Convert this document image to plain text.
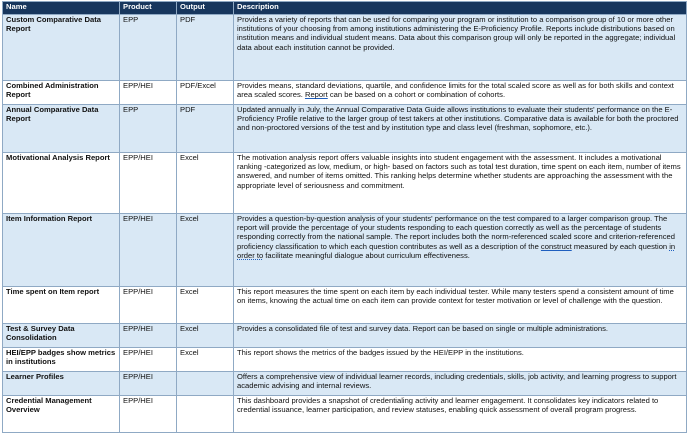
Name	Product	Output	Description
Custom Comparative Data Report	EPP	PDF	Provides a variety of reports that can be used for comparing your program or institution to a comparison group of 10 or more other institutions of your choosing from among institutions administering the E-Proficiency Profile. Reports include distributions based on institution means and individual student means. Data about this comparison group will only be reported in the aggregate; individual data about each institution cannot be provided.
Combined Administration Report	EPP/HEI	PDF/Excel	Provides means, standard deviations, quartile, and confidence limits for the total scaled score as well as for both skills and context area scaled scores. Report can be based on a cohort or combination of cohorts.
Annual Comparative Data Report	EPP	PDF	Updated annually in July, the Annual Comparative Data Guide allows institutions to evaluate their students' performance on the E-Proficiency Profile relative to the larger group of test takers at other institutions. Comparative data is available for both the proctored and non-proctored versions of the test and by institution type and class level (freshman, sophomore, etc.).
Motivational Analysis Report	EPP/HEI	Excel	The motivation analysis report offers valuable insights into student engagement with the assessment. It includes a motivational ranking -categorized as low, medium, or high- based on factors such as total test duration, time spent on each item, number of items answered, and number of items omitted. This ranking helps determine whether students are approaching the assessment with the appropriate level of seriousness and commitment.
Item Information Report	EPP/HEI	Excel	Provides a question-by-question analysis of your students' performance on the test compared to a larger comparison group. The report will provide the percentage of your students responding to each question correctly as well as the percentage of students responding correctly from the national sample. The report includes both the norm-referenced scaled score and criterion-referenced proficiency classification to which each question contributes as well as a description of the construct measured by each question in order to facilitate meaningful dialogue about curriculum effectiveness.
Time spent on Item report	EPP/HEI	Excel	This report measures the time spent on each item by each individual tester. While many testers spend a consistent amount of time on items, knowing the actual time on each item can provide context for tester motivation or level of challenge with the question.
Test & Survey Data Consolidation	EPP/HEI	Excel	Provides a consolidated file of test and survey data. Report can be based on single or multiple administrations.
HEI/EPP badges show metrics in institutions	EPP/HEI	Excel	This report shows the metrics of the badges issued by the HEI/EPP in the institutions.
Learner Profiles	EPP/HEI		Offers a comprehensive view of individual learner records, including credentials, skills, job activity, and learning progress to support academic advising and internal reviews.
Credential Management Overview	EPP/HEI		This dashboard provides a snapshot of credentialing activity and learner engagement. It consolidates key indicators related to credential issuance, learner participation, and review statuses, enabling quick assessment of overall program progress.
